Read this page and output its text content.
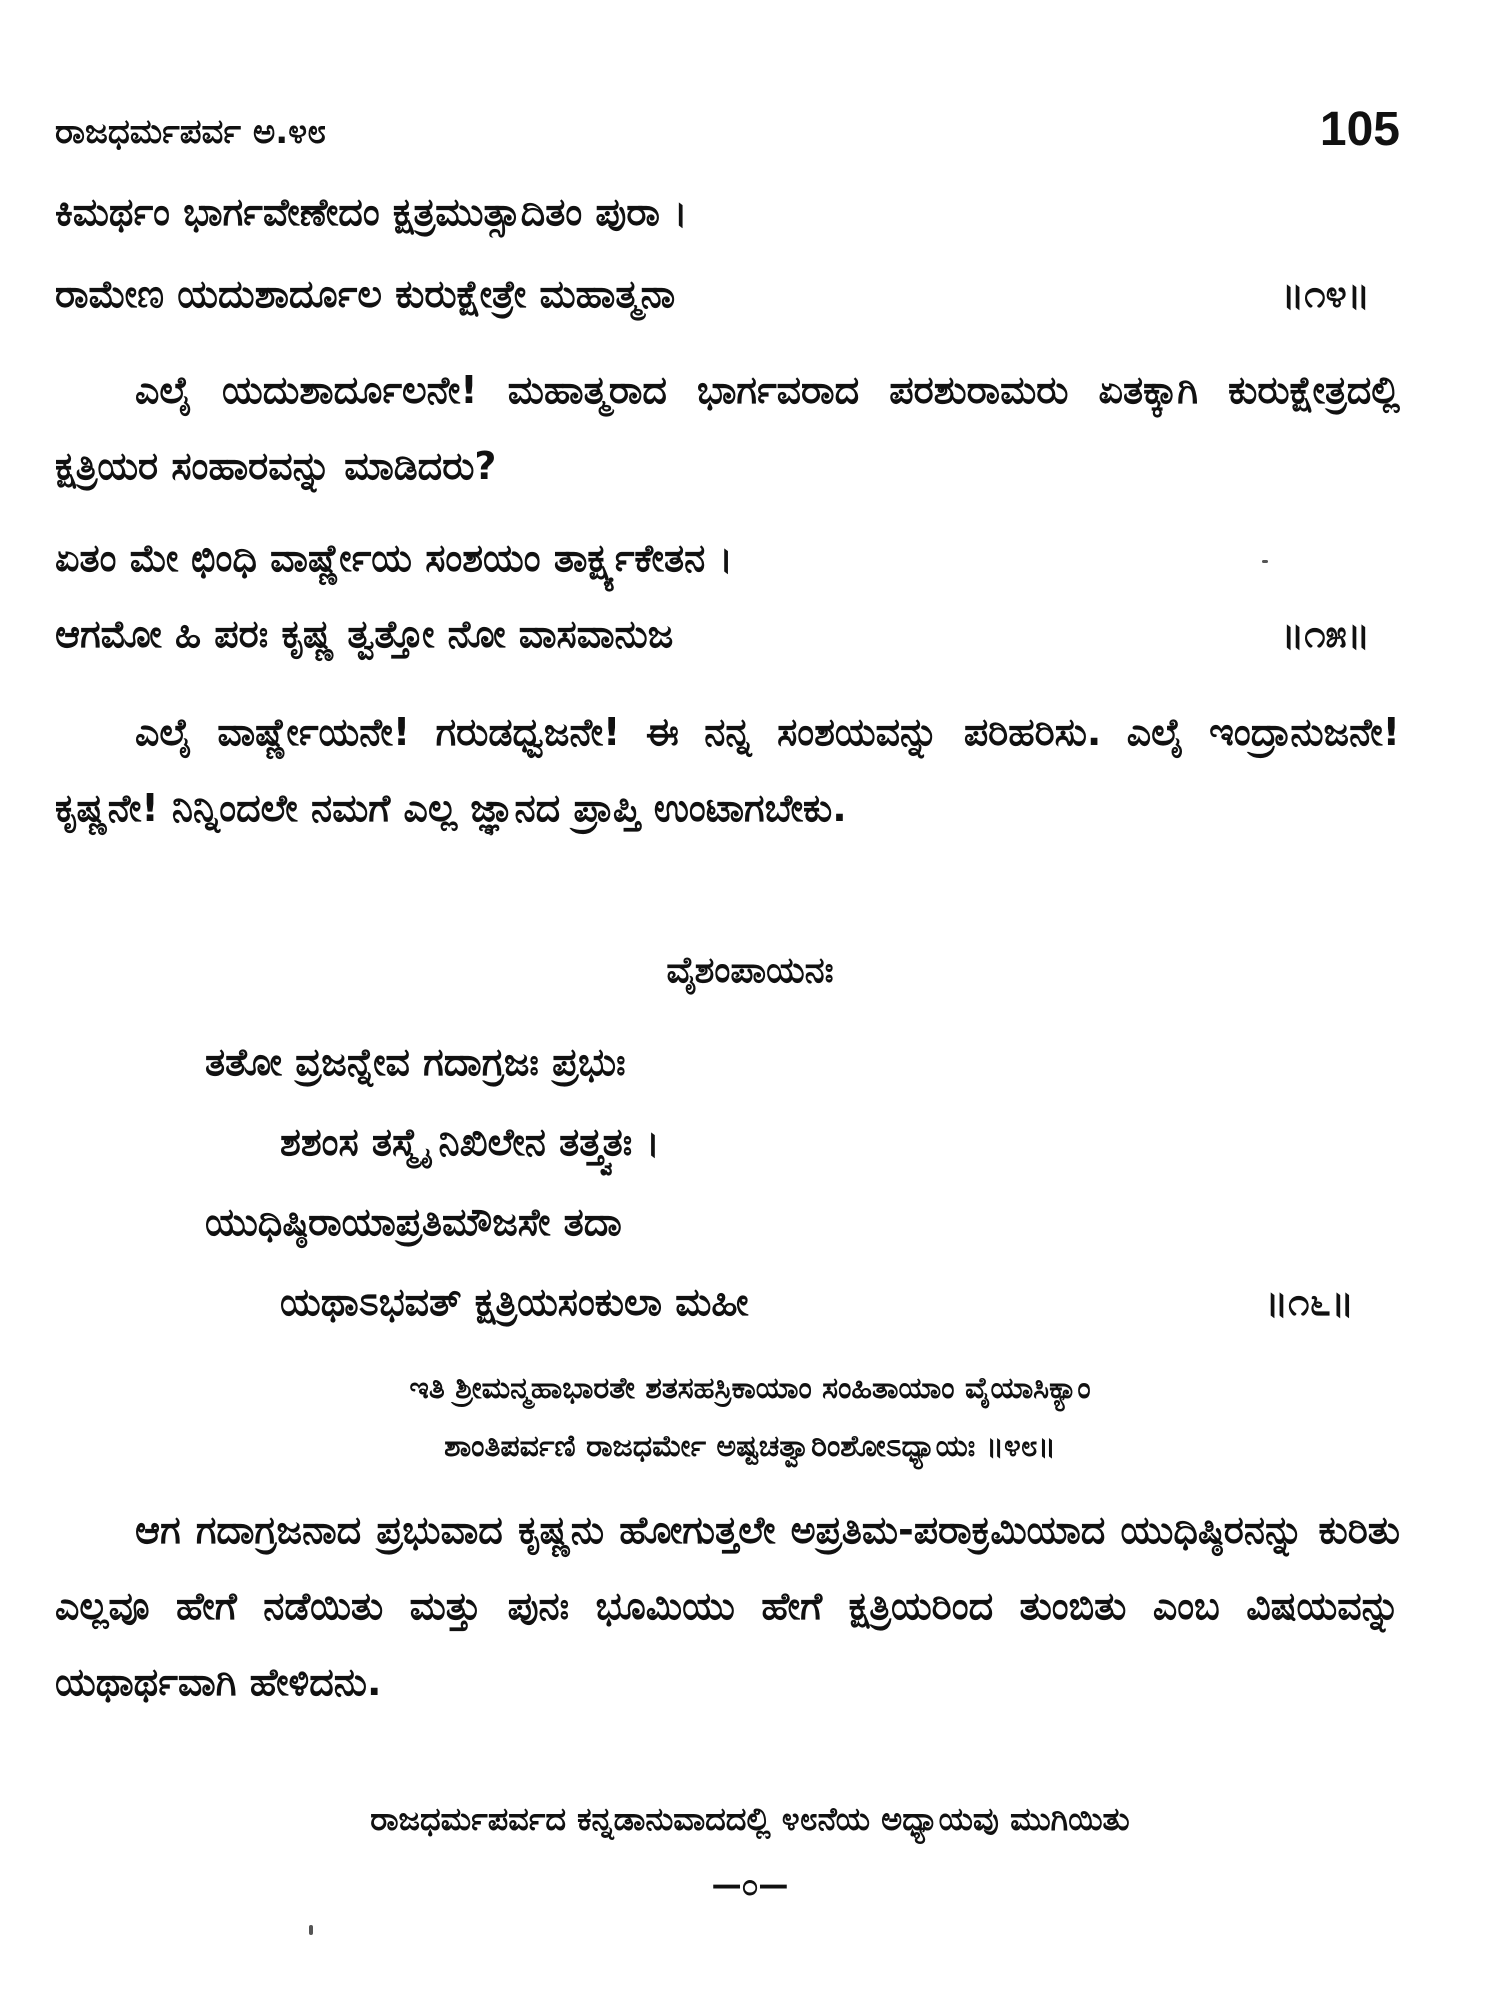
ರಾಜಧರ್ಮಪರ್ವ ಅ.೪೮	105
ಕಿಮರ್ಥಂ ಭಾರ್ಗವೇಣೇದಂ ಕ್ಷತ್ರಮುತ್ಸಾದಿತಂ ಪುರಾ ।
ರಾಮೇಣ ಯದುಶಾರ್ದೂಲ ಕುರುಕ್ಷೇತ್ರೇ ಮಹಾತ್ಮನಾ	॥೧೪॥
ಎಲೈ ಯದುಶಾರ್ದೂಲನೇ! ಮಹಾತ್ಮರಾದ ಭಾರ್ಗವರಾದ ಪರಶುರಾಮರು ಏತಕ್ಕಾಗಿ ಕುರುಕ್ಷೇತ್ರದಲ್ಲಿ ಕ್ಷತ್ರಿಯರ ಸಂಹಾರವನ್ನು ಮಾಡಿದರು?
ಏತಂ ಮೇ ಛಿಂಧಿ ವಾರ್ಷ್ಣೇಯ ಸಂಶಯಂ ತಾರ್ಕ್ಷ್ಯಕೇತನ ।
ಆಗಮೋ ಹಿ ಪರಃ ಕೃಷ್ಣ ತ್ವತ್ತೋ ನೋ ವಾಸವಾನುಜ	॥೧೫॥
ಎಲೈ ವಾರ್ಷ್ಣೇಯನೇ! ಗರುಡಧ್ವಜನೇ! ಈ ನನ್ನ ಸಂಶಯವನ್ನು ಪರಿಹರಿಸು. ಎಲೈ ಇಂದ್ರಾನುಜನೇ! ಕೃಷ್ಣನೇ! ನಿನ್ನಿಂದಲೇ ನಮಗೆ ಎಲ್ಲ ಜ್ಞಾನದ ಪ್ರಾಪ್ತಿ ಉಂಟಾಗಬೇಕು.
ವೈಶಂಪಾಯನಃ
ತತೋ ವ್ರಜನ್ನೇವ ಗದಾಗ್ರಜಃ ಪ್ರಭುಃ
ಶಶಂಸ ತಸ್ಮೈ ನಿಖಿಲೇನ ತತ್ತ್ವತಃ ।
ಯುಧಿಷ್ಠಿರಾಯಾಪ್ರತಿಮೌಜಸೇ ತದಾ
ಯಥಾಽಭವತ್ ಕ್ಷತ್ರಿಯಸಂಕುಲಾ ಮಹೀ	॥೧೬॥
ಇತಿ ಶ್ರೀಮನ್ಮಹಾಭಾರತೇ ಶತಸಹಸ್ರಿಕಾಯಾಂ ಸಂಹಿತಾಯಾಂ ವೈಯಾಸಿಕ್ಯಾಂ
ಶಾಂತಿಪರ್ವಣಿ ರಾಜಧರ್ಮೇ ಅಷ್ಟಚತ್ವಾರಿಂಶೋಽಧ್ಯಾಯಃ ॥೪೮॥
ಆಗ ಗದಾಗ್ರಜನಾದ ಪ್ರಭುವಾದ ಕೃಷ್ಣನು ಹೋಗುತ್ತಲೇ ಅಪ್ರತಿಮ-ಪರಾಕ್ರಮಿಯಾದ ಯುಧಿಷ್ಠಿರನನ್ನು ಕುರಿತು ಎಲ್ಲವೂ ಹೇಗೆ ನಡೆಯಿತು ಮತ್ತು ಪುನಃ ಭೂಮಿಯು ಹೇಗೆ ಕ್ಷತ್ರಿಯರಿಂದ ತುಂಬಿತು ಎಂಬ ವಿಷಯವನ್ನು ಯಥಾರ್ಥವಾಗಿ ಹೇಳಿದನು.
ರಾಜಧರ್ಮಪರ್ವದ ಕನ್ನಡಾನುವಾದದಲ್ಲಿ ೪೮ನೆಯ ಅಧ್ಯಾಯವು ಮುಗಿಯಿತು
—೦—
